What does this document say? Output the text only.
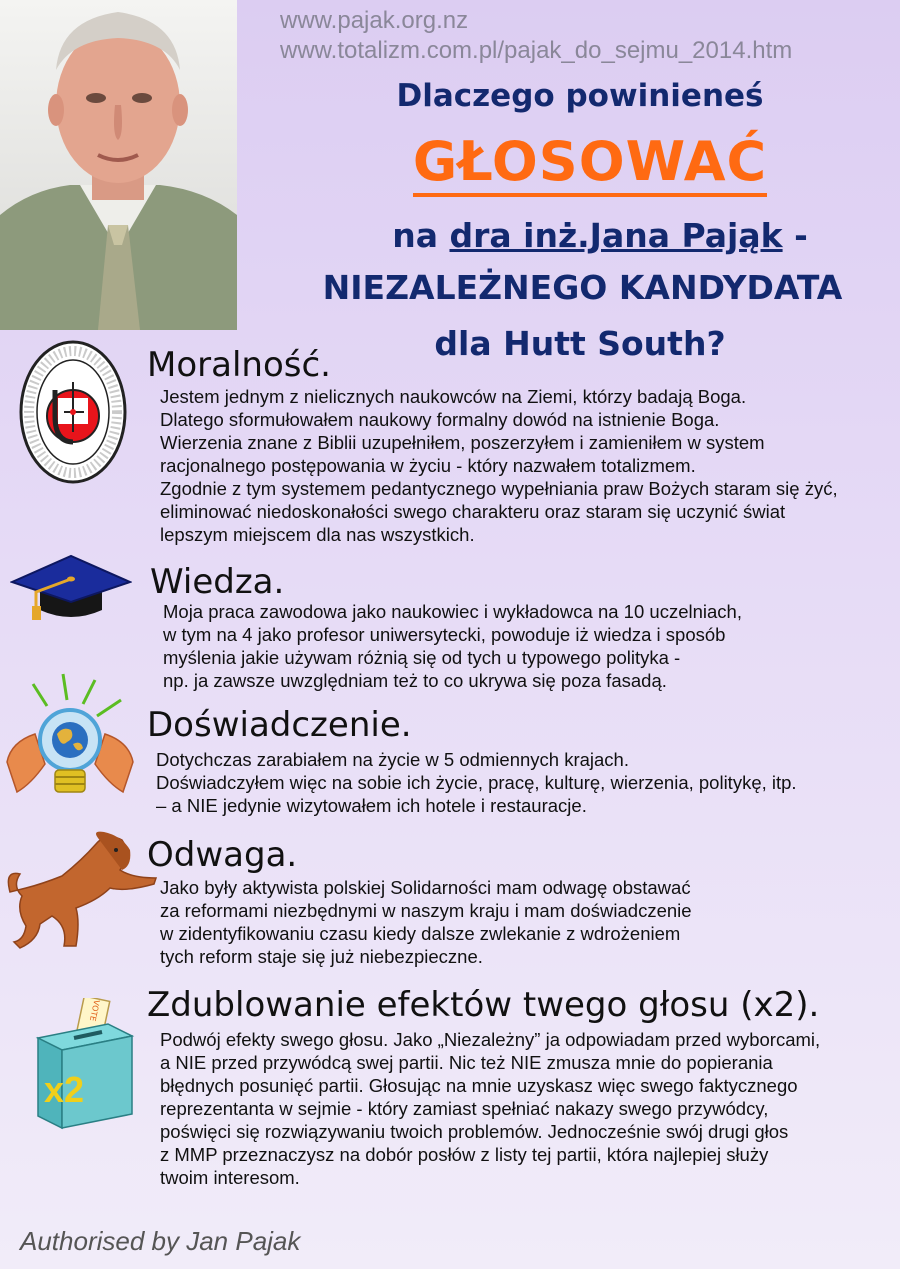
www.pajak.org.nz
www.totalizm.com.pl/pajak_do_sejmu_2014.htm
Dlaczego powinieneś
GŁOSOWAĆ
na dra inż.Jana Pająk -
NIEZALEŻNEGO KANDYDATA
dla Hutt South?
Moralność.
Jestem jednym z nielicznych naukowców na Ziemi, którzy badają Boga.
Dlatego sformułowałem naukowy formalny dowód na istnienie Boga.
Wierzenia znane z Biblii uzupełniłem, poszerzyłem i zamieniłem w system
racjonalnego postępowania w życiu - który nazwałem totalizmem.
Zgodnie z tym systemem pedantycznego wypełniania praw Bożych staram się żyć,
eliminować niedoskonałości swego charakteru oraz staram się uczynić świat
lepszym miejscem dla nas wszystkich.
Wiedza.
Moja praca zawodowa jako naukowiec i wykładowca na 10 uczelniach,
w tym na 4 jako profesor uniwersytecki, powoduje iż wiedza i sposób
myślenia jakie używam różnią się od tych u typowego polityka -
np. ja zawsze uwzględniam też to co ukrywa się poza fasadą.
Doświadczenie.
Dotychczas zarabiałem na życie w 5 odmiennych krajach.
Doświadczyłem więc na sobie ich życie, pracę, kulturę, wierzenia, politykę, itp.
– a NIE jedynie wizytowałem ich hotele i restauracje.
Odwaga.
Jako były aktywista polskiej Solidarności mam odwagę obstawać
za reformami niezbędnymi w naszym kraju i mam doświadczenie
w zidentyfikowaniu czasu kiedy dalsze zwlekanie z wdrożeniem
tych reform staje się już niebezpieczne.
VOTE
x2
Zdublowanie efektów twego głosu (x2).
Podwój efekty swego głosu. Jako „Niezależny” ja odpowiadam przed wyborcami,
a NIE przed przywódcą swej partii. Nic też NIE zmusza mnie do popierania
błędnych posunięć partii. Głosując na mnie uzyskasz więc swego faktycznego
reprezentanta w sejmie - który zamiast spełniać nakazy swego przywódcy,
poświęci się rozwiązywaniu twoich problemów. Jednocześnie swój drugi głos
z MMP przeznaczysz na dobór posłów z listy tej partii, która najlepiej służy
twoim interesom.
Authorised by Jan Pajak
